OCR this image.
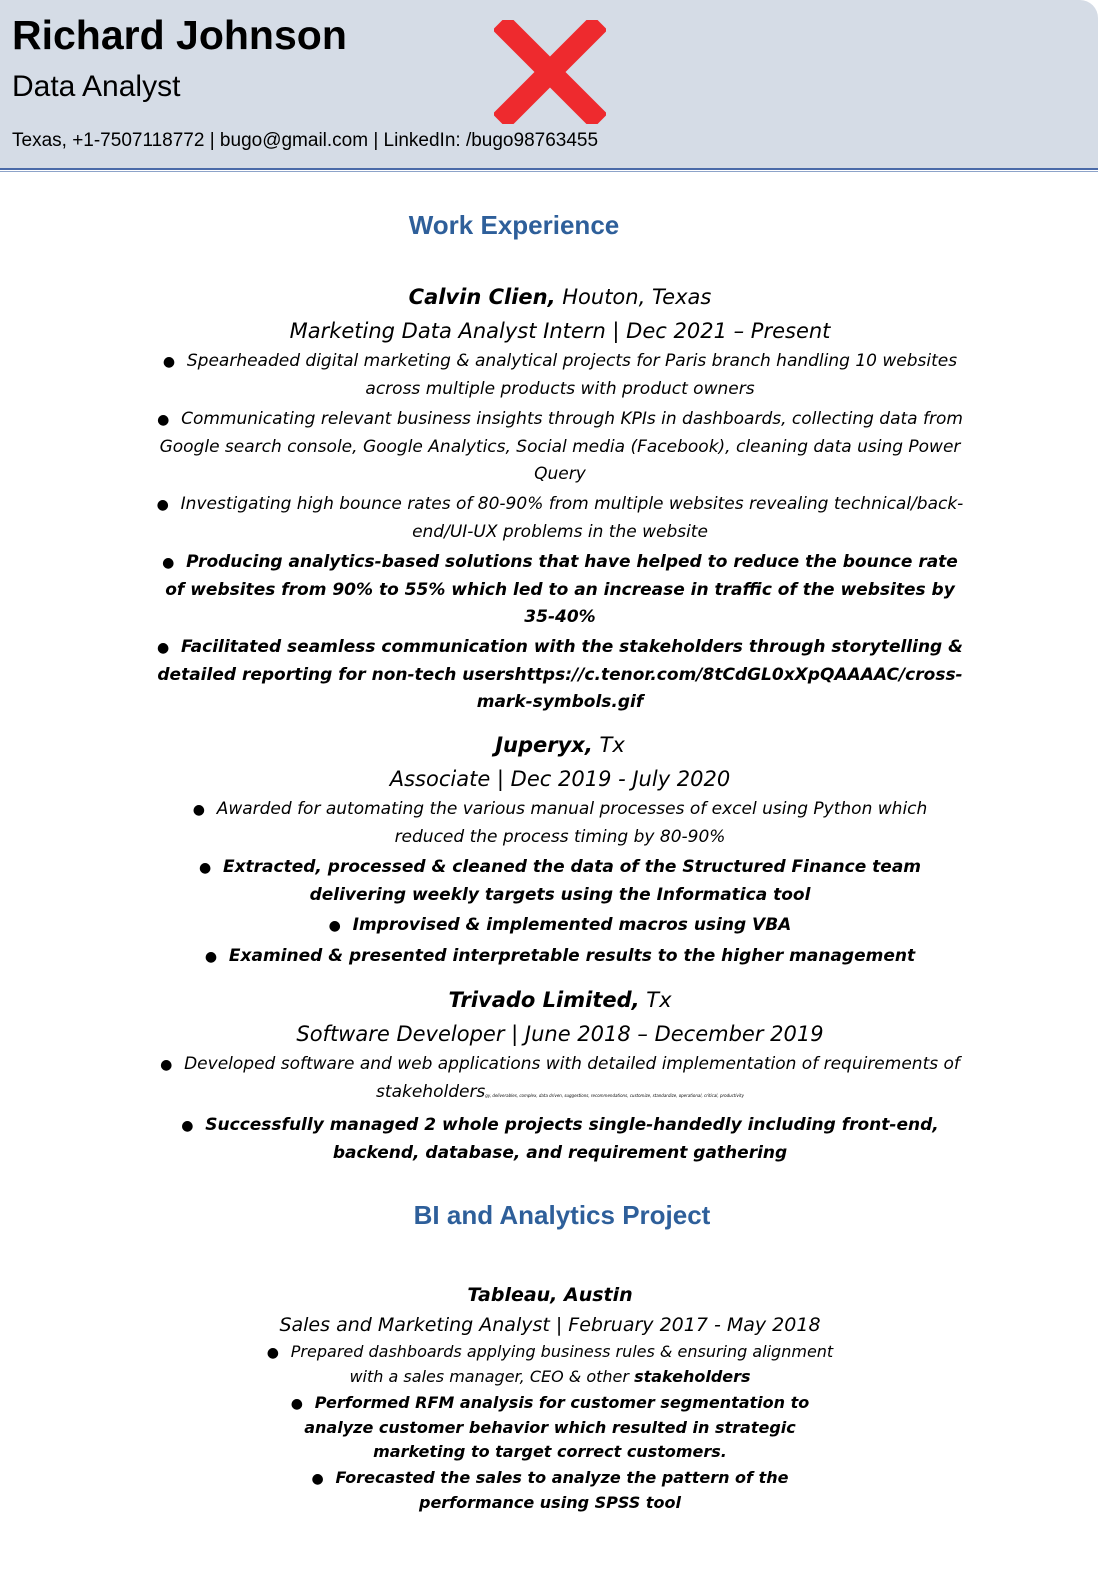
Richard Johnson
Data Analyst
Texas, +1-7507118772 | bugo@gmail.com | LinkedIn: /bugo98763455
Work Experience
Calvin Clien, Houton, Texas
Marketing Data Analyst Intern | Dec 2021 – Present
● Spearheaded digital marketing & analytical projects for Paris branch handling 10 websites across multiple products with product owners
● Communicating relevant business insights through KPIs in dashboards, collecting data from Google search console, Google Analytics, Social media (Facebook), cleaning data using Power Query
● Investigating high bounce rates of 80-90% from multiple websites revealing technical/back-end/UI-UX problems in the website
● Producing analytics-based solutions that have helped to reduce the bounce rate of websites from 90% to 55% which led to an increase in traffic of the websites by 35-40%
● Facilitated seamless communication with the stakeholders through storytelling & detailed reporting for non-tech usershttps://c.tenor.com/8tCdGL0xXpQAAAAC/cross-mark-symbols.gif
Juperyx, Tx
Associate | Dec 2019 - July 2020
● Awarded for automating the various manual processes of excel using Python which reduced the process timing by 80-90%
● Extracted, processed & cleaned the data of the Structured Finance team delivering weekly targets using the Informatica tool
● Improvised & implemented macros using VBA
● Examined & presented interpretable results to the higher management
Trivado Limited, Tx
Software Developer | June 2018 – December 2019
● Developed software and web applications with detailed implementation of requirements of stakeholdersgy, deliverables, complex, data driven, suggestions, recommendations, customize, standardize, operational, critical, productivity
● Successfully managed 2 whole projects single-handedly including front-end, backend, database, and requirement gathering
BI and Analytics Project
Tableau, Austin
Sales and Marketing Analyst | February 2017 - May 2018
● Prepared dashboards applying business rules & ensuring alignment with a sales manager, CEO & other stakeholders
● Performed RFM analysis for customer segmentation to analyze customer behavior which resulted in strategic marketing to target correct customers.
● Forecasted the sales to analyze the pattern of the performance using SPSS tool
